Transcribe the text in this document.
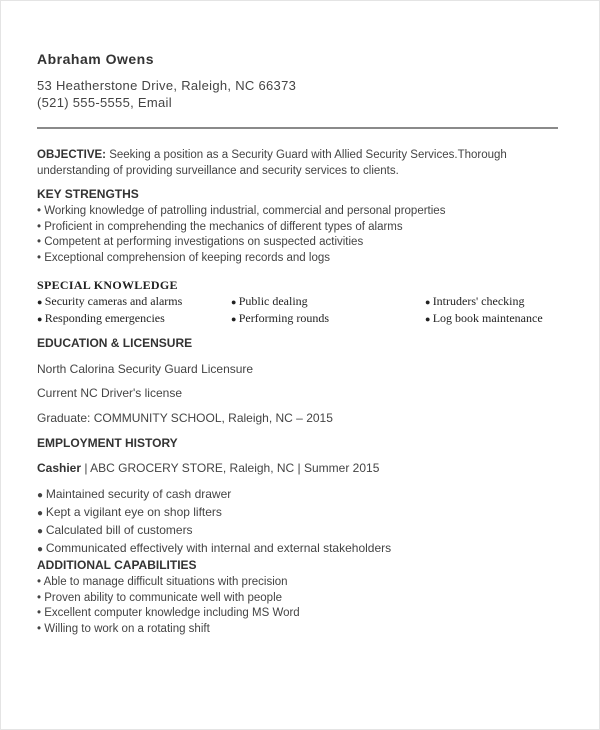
Abraham Owens
53 Heatherstone Drive, Raleigh, NC 66373
(521) 555-5555, Email
OBJECTIVE: Seeking a position as a Security Guard with Allied Security Services.Thorough understanding of providing surveillance and security services to clients.
KEY STRENGTHS
• Working knowledge of patrolling industrial, commercial and personal properties
• Proficient in comprehending the mechanics of different types of alarms
• Competent at performing investigations on suspected activities
• Exceptional comprehension of keeping records and logs
SPECIAL KNOWLEDGE
● Security cameras and alarms	● Public dealing	● Intruders' checking
● Responding emergencies	● Performing rounds	● Log book maintenance
EDUCATION & LICENSURE
North Calorina Security Guard Licensure
Current NC Driver's license
Graduate: COMMUNITY SCHOOL, Raleigh, NC – 2015
EMPLOYMENT HISTORY
Cashier | ABC GROCERY STORE, Raleigh, NC | Summer 2015
● Maintained security of cash drawer
● Kept a vigilant eye on shop lifters
● Calculated bill of customers
● Communicated effectively with internal and external stakeholders
ADDITIONAL CAPABILITIES
• Able to manage difficult situations with precision
• Proven ability to communicate well with people
• Excellent computer knowledge including MS Word
• Willing to work on a rotating shift
